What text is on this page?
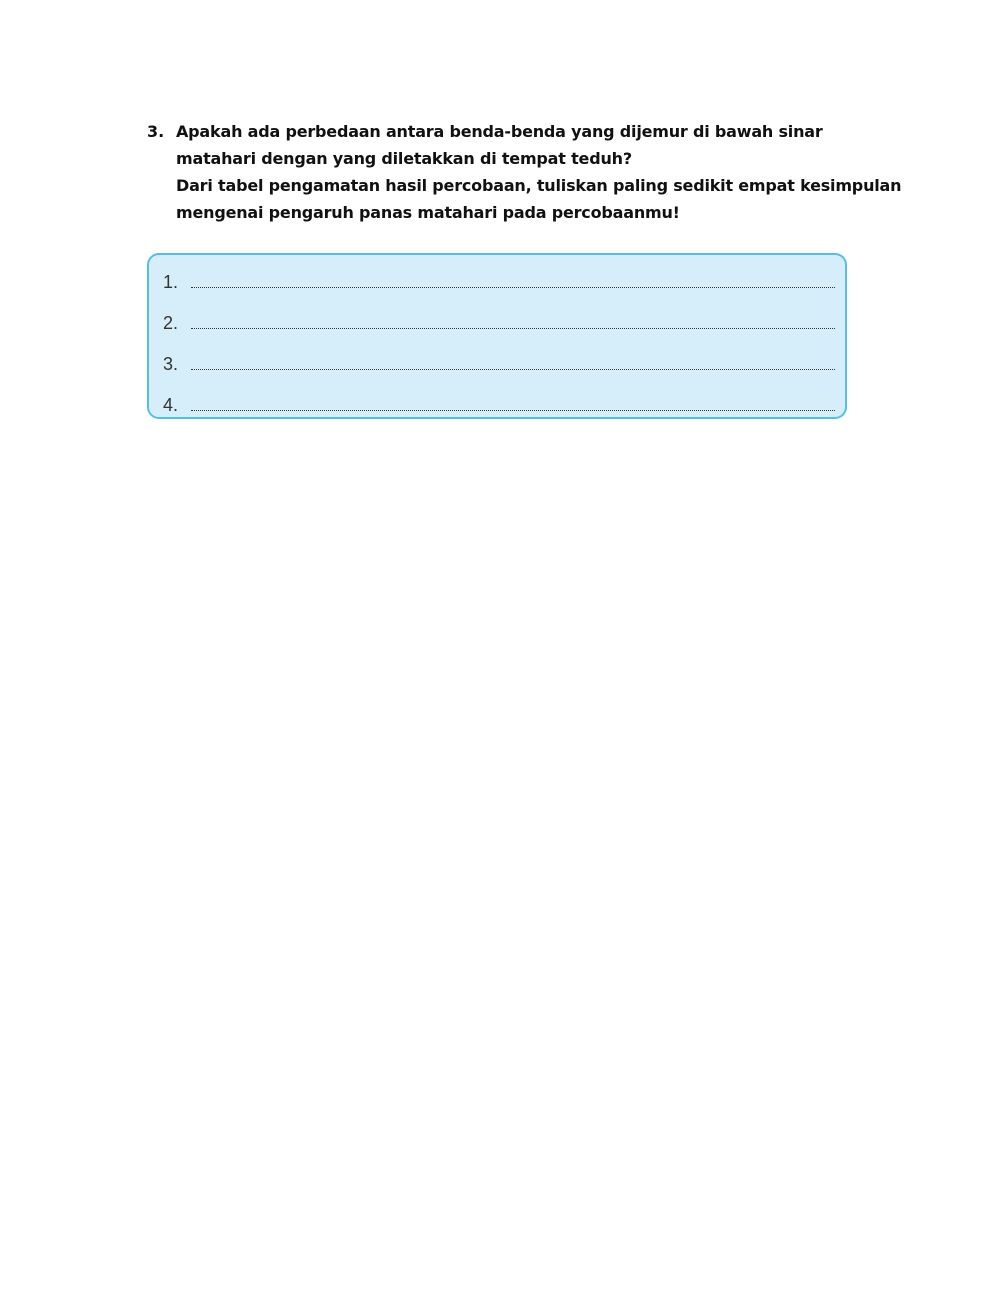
3. Apakah ada perbedaan antara benda-benda yang dijemur di bawah sinar
matahari dengan yang diletakkan di tempat teduh?
Dari tabel pengamatan hasil percobaan, tuliskan paling sedikit empat kesimpulan
mengenai pengaruh panas matahari pada percobaanmu!
1.
2.
3.
4.
